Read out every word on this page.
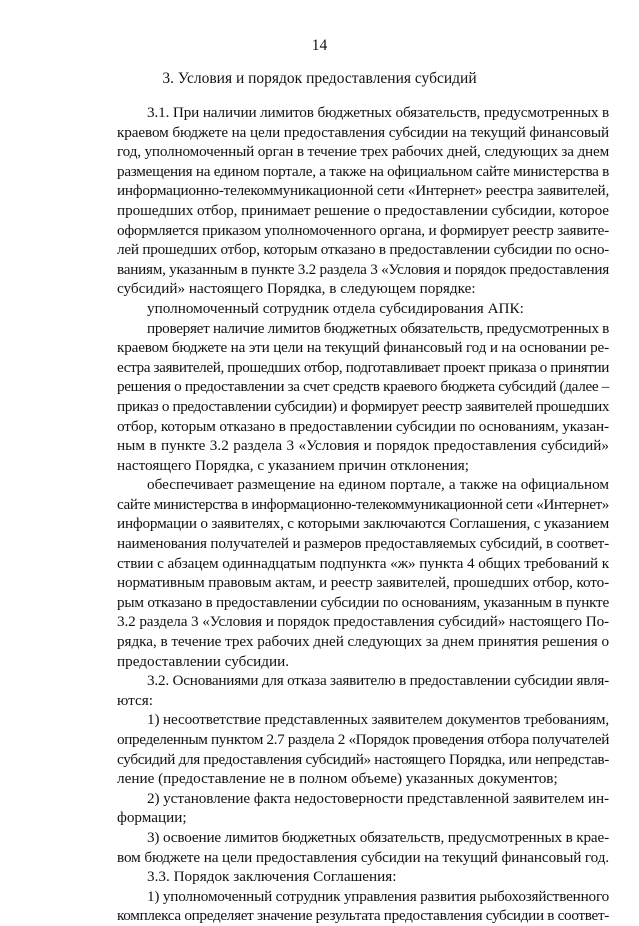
14
3. Условия и порядок предоставления субсидий
3.1. При наличии лимитов бюджетных обязательств, предусмотренных в
краевом бюджете на цели предоставления субсидии на текущий финансовый
год, уполномоченный орган в течение трех рабочих дней, следующих за днем
размещения на едином портале, а также на официальном сайте министерства в
информационно-телекоммуникационной сети «Интернет» реестра заявителей,
прошедших отбор, принимает решение о предоставлении субсидии, которое
оформляется приказом уполномоченного органа, и формирует реестр заявите-
лей прошедших отбор, которым отказано в предоставлении субсидии по осно-
ваниям, указанным в пункте 3.2 раздела 3 «Условия и порядок предоставления
субсидий» настоящего Порядка, в следующем порядке:
уполномоченный сотрудник отдела субсидирования АПК:
проверяет наличие лимитов бюджетных обязательств, предусмотренных в
краевом бюджете на эти цели на текущий финансовый год и на основании ре-
естра заявителей, прошедших отбор, подготавливает проект приказа о принятии
решения о предоставлении за счет средств краевого бюджета субсидий (далее –
приказ о предоставлении субсидии) и формирует реестр заявителей прошедших
отбор, которым отказано в предоставлении субсидии по основаниям, указан-
ным в пункте 3.2 раздела 3 «Условия и порядок предоставления субсидий»
настоящего Порядка, с указанием причин отклонения;
обеспечивает размещение на едином портале, а также на официальном
сайте министерства в информационно-телекоммуникационной сети «Интернет»
информации о заявителях, с которыми заключаются Соглашения, с указанием
наименования получателей и размеров предоставляемых субсидий, в соответ-
ствии с абзацем одиннадцатым подпункта «ж» пункта 4 общих требований к
нормативным правовым актам, и реестр заявителей, прошедших отбор, кото-
рым отказано в предоставлении субсидии по основаниям, указанным в пункте
3.2 раздела 3 «Условия и порядок предоставления субсидий» настоящего По-
рядка, в течение трех рабочих дней следующих за днем принятия решения о
предоставлении субсидии.
3.2. Основаниями для отказа заявителю в предоставлении субсидии явля-
ются:
1) несоответствие представленных заявителем документов требованиям,
определенным пунктом 2.7 раздела 2 «Порядок проведения отбора получателей
субсидий для предоставления субсидий» настоящего Порядка, или непредстав-
ление (предоставление не в полном объеме) указанных документов;
2) установление факта недостоверности представленной заявителем ин-
формации;
3) освоение лимитов бюджетных обязательств, предусмотренных в крае-
вом бюджете на цели предоставления субсидии на текущий финансовый год.
3.3. Порядок заключения Соглашения:
1) уполномоченный сотрудник управления развития рыбохозяйственного
комплекса определяет значение результата предоставления субсидии в соответ-
